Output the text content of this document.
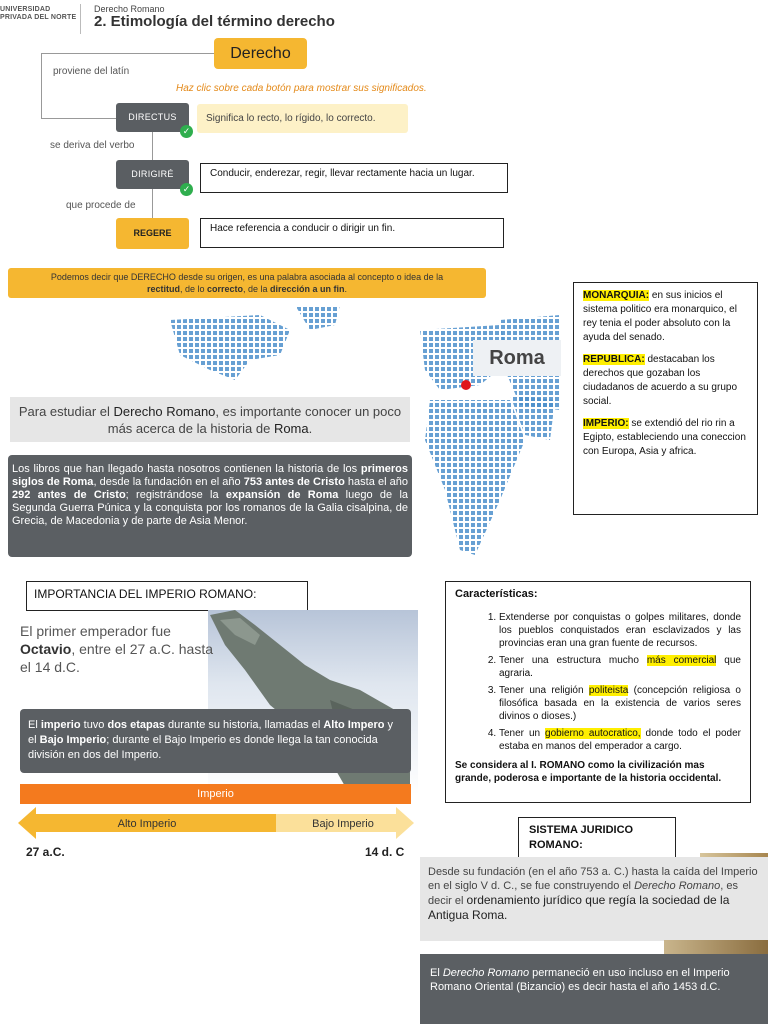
UNIVERSIDAD
PRIVADA DEL NORTE
Derecho Romano
2. Etimología del término derecho
Derecho
proviene del latín
Haz clic sobre cada botón para mostrar sus significados.
DIRECTUS
✓
Significa lo recto, lo rígido, lo correcto.
se deriva del verbo
DIRIGIRÉ
✓
Conducir, enderezar, regir, llevar rectamente hacia un lugar.
que procede de
REGERE	Hace referencia a conducir o dirigir un fin.
Podemos decir que DERECHO desde su origen, es una palabra asociada al concepto o idea de la
rectitud, de lo correcto, de la dirección a un fin.
Roma
Para estudiar el Derecho Romano, es importante conocer un poco más acerca de la historia de Roma.
Los libros que han llegado hasta nosotros contienen la historia de los primeros siglos de Roma, desde la fundación en el año 753 antes de Cristo hasta el año 292 antes de Cristo; registrándose la expansión de Roma luego de la Segunda Guerra Púnica y la conquista por los romanos de la Galia cisalpina, de Grecia, de Macedonia y de parte de Asia Menor.

MONARQUIA: en sus inicios el sistema politico era monarquico, el rey tenia el poder absoluto con la ayuda del senado.

REPUBLICA: destacaban los derechos que gozaban los ciudadanos de acuerdo a su grupo social.

IMPERIO: se extendió del rio rin a Egipto, estableciendo una coneccion con Europa, Asia y africa.

IMPORTANCIA DEL IMPERIO ROMANO:
El primer emperador fue Octavio, entre el 27 a.C. hasta el 14 d.C.
El imperio tuvo dos etapas durante su historia, llamadas el Alto Impero y el Bajo Imperio; durante el Bajo Imperio es donde llega la tan conocida división en dos del Imperio.
Imperio
Alto Imperio	Bajo Imperio
27 a.C.	14 d. C
Características:
1. Extenderse por conquistas o golpes militares, donde los pueblos conquistados eran esclavizados y las provincias eran una gran fuente de recursos.
2. Tener una estructura mucho más comercial que agraria.
3. Tener una religión politeista (concepción religiosa o filosófica basada en la existencia de varios seres divinos o dioses.)
4. Tener un gobierno autocratico, donde todo el poder estaba en manos del emperador a cargo.
Se considera al I. ROMANO como la civilización mas grande, poderosa e importante de la historia occidental.
SISTEMA JURIDICO ROMANO:
Desde su fundación (en el año 753 a. C.) hasta la caída del Imperio en el siglo V d. C., se fue construyendo el Derecho Romano, es decir el ordenamiento jurídico que regía la sociedad de la Antigua Roma.
El Derecho Romano permaneció en uso incluso en el Imperio Romano Oriental (Bizancio) es decir hasta el año 1453 d.C.
